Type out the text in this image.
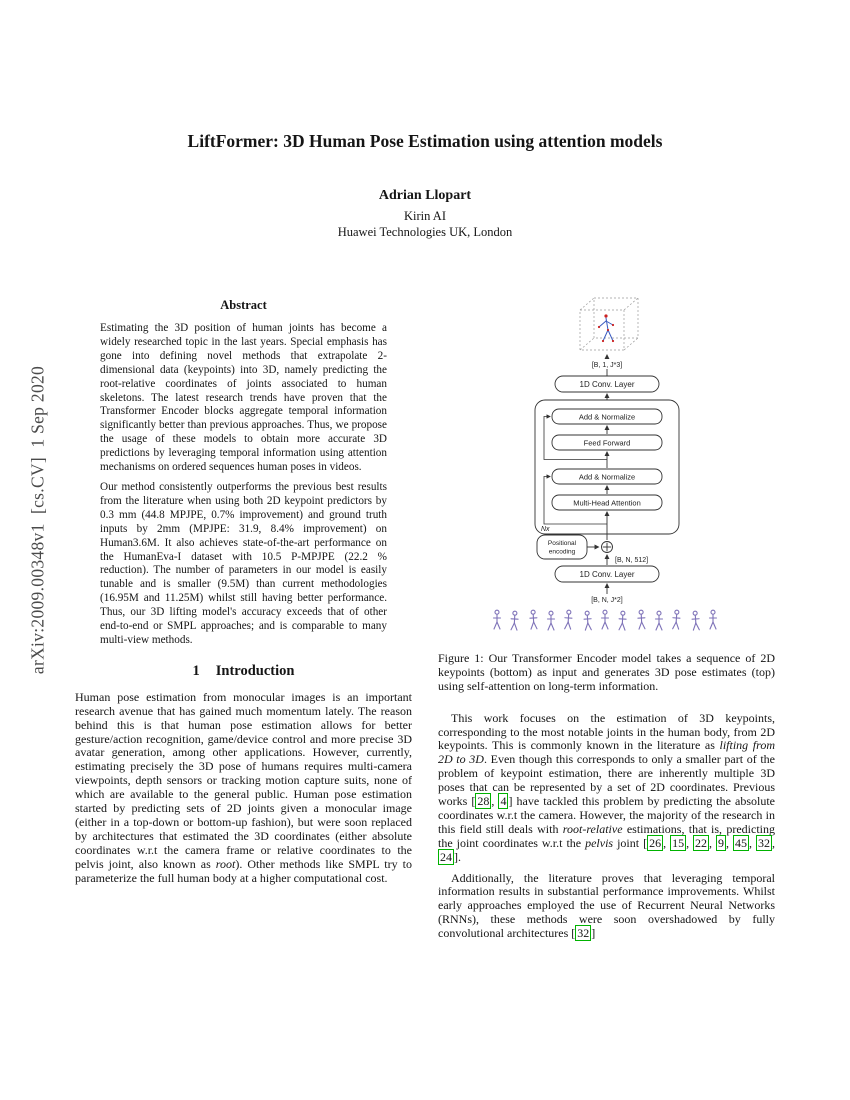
arXiv:2009.00348v1  [cs.CV]  1 Sep 2020
LiftFormer: 3D Human Pose Estimation using attention models
Adrian Llopart
Kirin AI
Huawei Technologies UK, London
Abstract

Estimating the 3D position of human joints has become a widely researched topic in the last years. Special emphasis has gone into defining novel methods that extrapolate 2-dimensional data (keypoints) into 3D, namely predicting the root-relative coordinates of joints associated to human skeletons. The latest research trends have proven that the Transformer Encoder blocks aggregate temporal information significantly better than previous approaches. Thus, we propose the usage of these models to obtain more accurate 3D predictions by leveraging temporal information using attention mechanisms on ordered sequences human poses in videos.

Our method consistently outperforms the previous best results from the literature when using both 2D keypoint predictors by 0.3 mm (44.8 MPJPE, 0.7% improvement) and ground truth inputs by 2mm (MPJPE: 31.9, 8.4% improvement) on Human3.6M. It also achieves state-of-the-art performance on the HumanEva-I dataset with 10.5 P-MPJPE (22.2 % reduction). The number of parameters in our model is easily tunable and is smaller (9.5M) than current methodologies (16.95M and 11.25M) whilst still having better performance. Thus, our 3D lifting model's accuracy exceeds that of other end-to-end or SMPL approaches; and is comparable to many multi-view methods.

1 Introduction

Human pose estimation from monocular images is an important research avenue that has gained much momentum lately. The reason behind this is that human pose estimation allows for better gesture/action recognition, game/device control and more precise 3D avatar generation, among other applications. However, currently, estimating precisely the 3D pose of humans requires multi-camera viewpoints, depth sensors or tracking motion capture suits, none of which are available to the general public. Human pose estimation started by predicting sets of 2D joints given a monocular image (either in a top-down or bottom-up fashion), but were soon replaced by architectures that estimated the 3D coordinates (either absolute coordinates w.r.t the camera frame or relative coordinates to the pelvis joint, also known as root). Other methods like SMPL try to parameterize the full human body at a higher computational cost.

[B, 1, J*3]
1D Conv. Layer
Add & Normalize
Feed Forward
Add & Normalize
Multi-Head Attention
Nx
Positional
encoding
[B, N, 512]
1D Conv. Layer
[B, N, J*2]

Figure 1: Our Transformer Encoder model takes a sequence of 2D keypoints (bottom) as input and generates 3D pose estimates (top) using self-attention on long-term information.

This work focuses on the estimation of 3D keypoints, corresponding to the most notable joints in the human body, from 2D keypoints. This is commonly known in the literature as lifting from 2D to 3D. Even though this corresponds to only a smaller part of the problem of keypoint estimation, there are inherently multiple 3D poses that can be represented by a set of 2D coordinates. Previous works [ 28 , 4 ] have tackled this problem by predicting the absolute coordinates w.r.t the camera. However, the majority of the research in this field still deals with root-relative estimations, that is, predicting the joint coordinates w.r.t the pelvis joint [ 26 , 15 , 22 , 9 , 45 , 32 , 24 ].

Additionally, the literature proves that leveraging temporal information results in substantial performance improvements. Whilst early approaches employed the use of Recurrent Neural Networks (RNNs), these methods were soon overshadowed by fully convolutional architectures [ 32 ]
